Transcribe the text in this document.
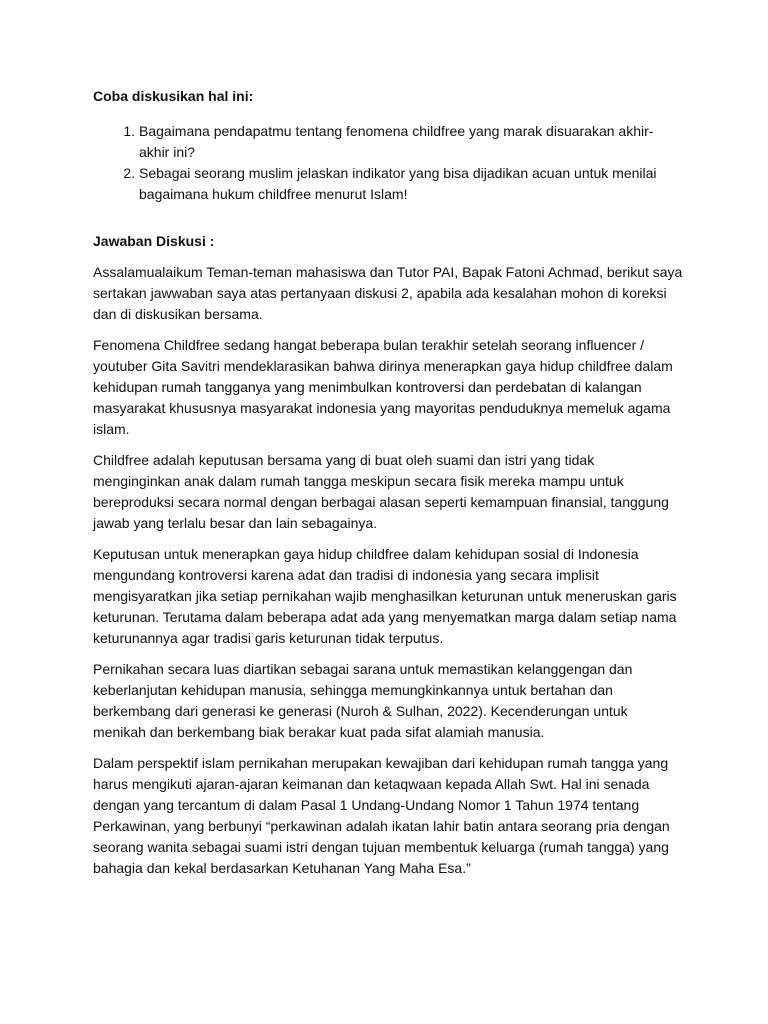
Coba diskusikan hal ini:
1. Bagaimana pendapatmu tentang fenomena childfree yang marak disuarakan akhir-akhir ini?
2. Sebagai seorang muslim jelaskan indikator yang bisa dijadikan acuan untuk menilai bagaimana hukum childfree menurut Islam!
Jawaban Diskusi :

Assalamualaikum Teman-teman mahasiswa dan Tutor PAI, Bapak Fatoni Achmad, berikut saya sertakan jawwaban saya atas pertanyaan diskusi 2, apabila ada kesalahan mohon di koreksi dan di diskusikan bersama.

Fenomena Childfree sedang hangat beberapa bulan terakhir setelah seorang influencer / youtuber Gita Savitri mendeklarasikan bahwa dirinya menerapkan gaya hidup childfree dalam kehidupan rumah tangganya yang menimbulkan kontroversi dan perdebatan di kalangan masyarakat khususnya masyarakat indonesia yang mayoritas penduduknya memeluk agama islam.

Childfree adalah keputusan bersama yang di buat oleh suami dan istri yang tidak menginginkan anak dalam rumah tangga meskipun secara fisik mereka mampu untuk bereproduksi secara normal dengan berbagai alasan seperti kemampuan finansial, tanggung jawab yang terlalu besar dan lain sebagainya.

Keputusan untuk menerapkan gaya hidup childfree dalam kehidupan sosial di Indonesia mengundang kontroversi karena adat dan tradisi di indonesia yang secara implisit mengisyaratkan jika setiap pernikahan wajib menghasilkan keturunan untuk meneruskan garis keturunan. Terutama dalam beberapa adat ada yang menyematkan marga dalam setiap nama keturunannya agar tradisi garis keturunan tidak terputus.

Pernikahan secara luas diartikan sebagai sarana untuk memastikan kelanggengan dan keberlanjutan kehidupan manusia, sehingga memungkinkannya untuk bertahan dan berkembang dari generasi ke generasi (Nuroh & Sulhan, 2022). Kecenderungan untuk menikah dan berkembang biak berakar kuat pada sifat alamiah manusia.

Dalam perspektif islam pernikahan merupakan kewajiban dari kehidupan rumah tangga yang harus mengikuti ajaran-ajaran keimanan dan ketaqwaan kepada Allah Swt. Hal ini senada dengan yang tercantum di dalam Pasal 1 Undang-Undang Nomor 1 Tahun 1974 tentang Perkawinan, yang berbunyi “perkawinan adalah ikatan lahir batin antara seorang pria dengan seorang wanita sebagai suami istri dengan tujuan membentuk keluarga (rumah tangga) yang bahagia dan kekal berdasarkan Ketuhanan Yang Maha Esa.”
